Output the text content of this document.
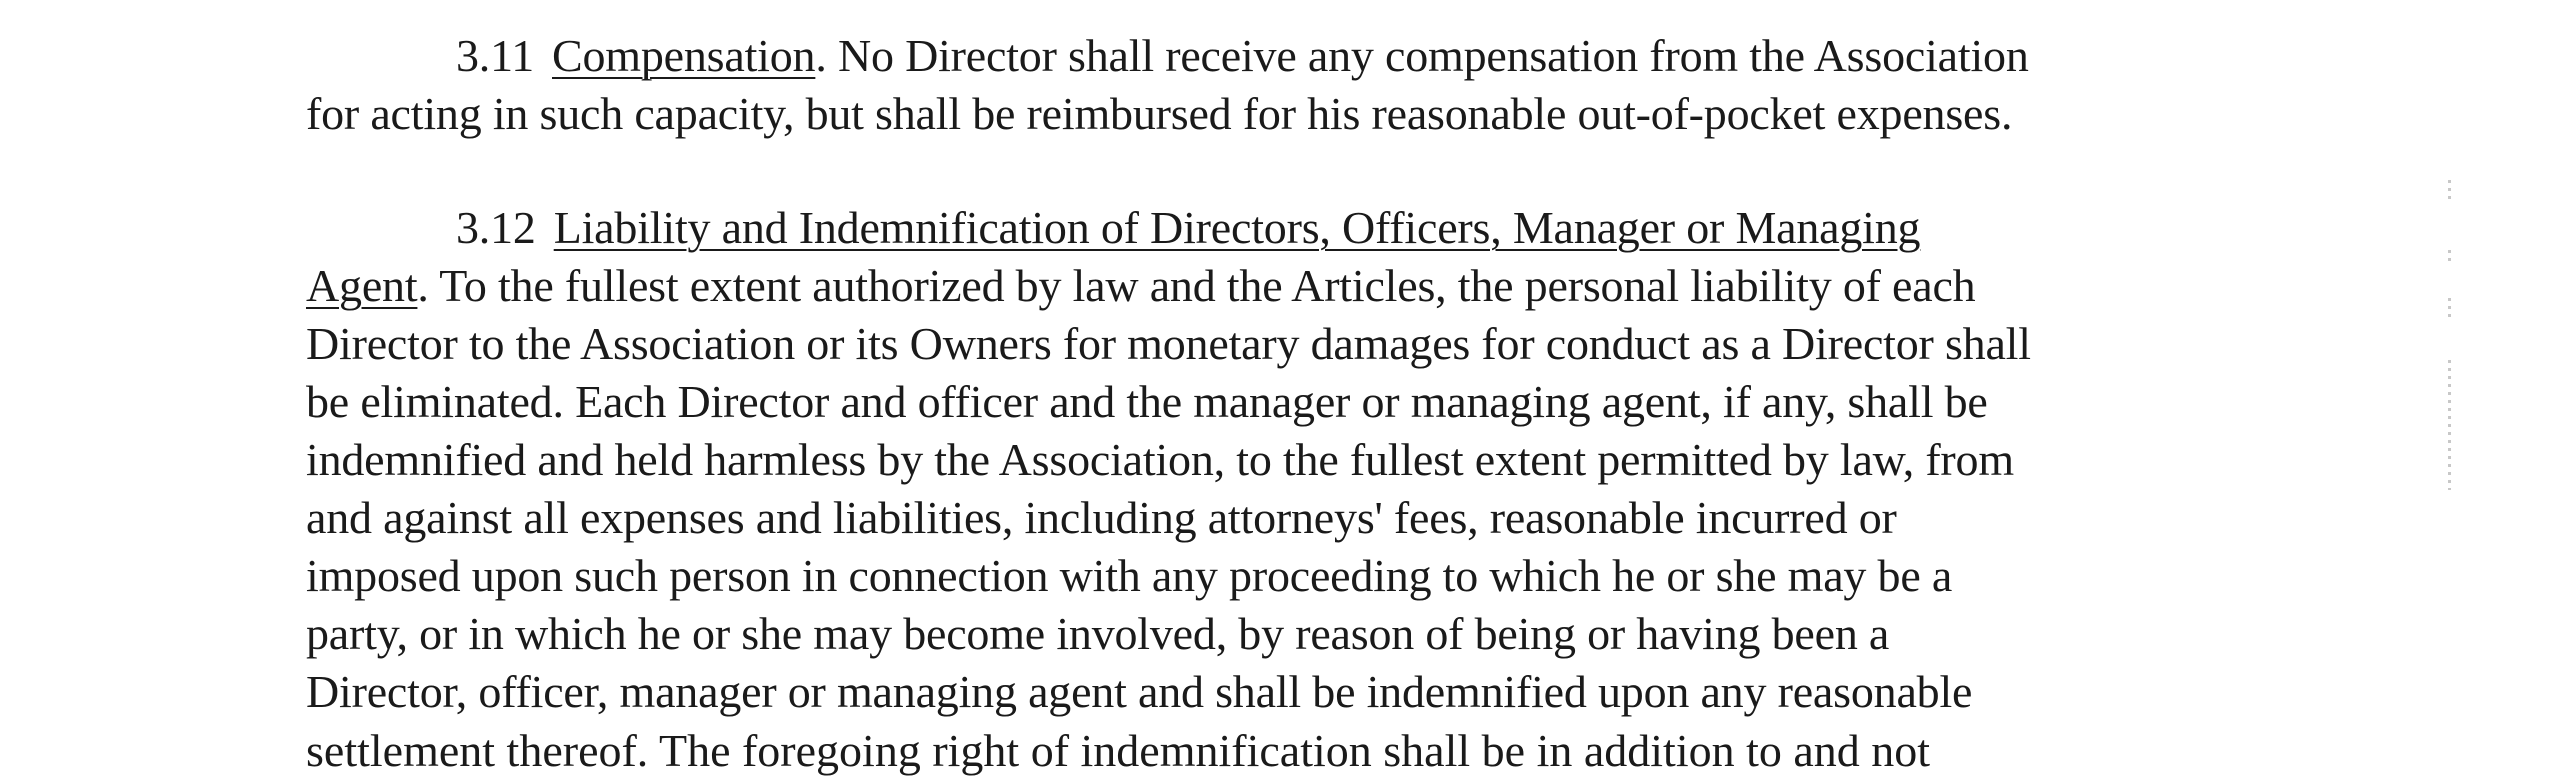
3.11 Compensation. No Director shall receive any compensation from the Association
for acting in such capacity, but shall be reimbursed for his reasonable out-of-pocket expenses.
3.12 Liability and Indemnification of Directors, Officers, Manager or Managing
Agent. To the fullest extent authorized by law and the Articles, the personal liability of each
Director to the Association or its Owners for monetary damages for conduct as a Director shall
be eliminated. Each Director and officer and the manager or managing agent, if any, shall be
indemnified and held harmless by the Association, to the fullest extent permitted by law, from
and against all expenses and liabilities, including attorneys' fees, reasonable incurred or
imposed upon such person in connection with any proceeding to which he or she may be a
party, or in which he or she may become involved, by reason of being or having been a
Director, officer, manager or managing agent and shall be indemnified upon any reasonable
settlement thereof. The foregoing right of indemnification shall be in addition to and not
